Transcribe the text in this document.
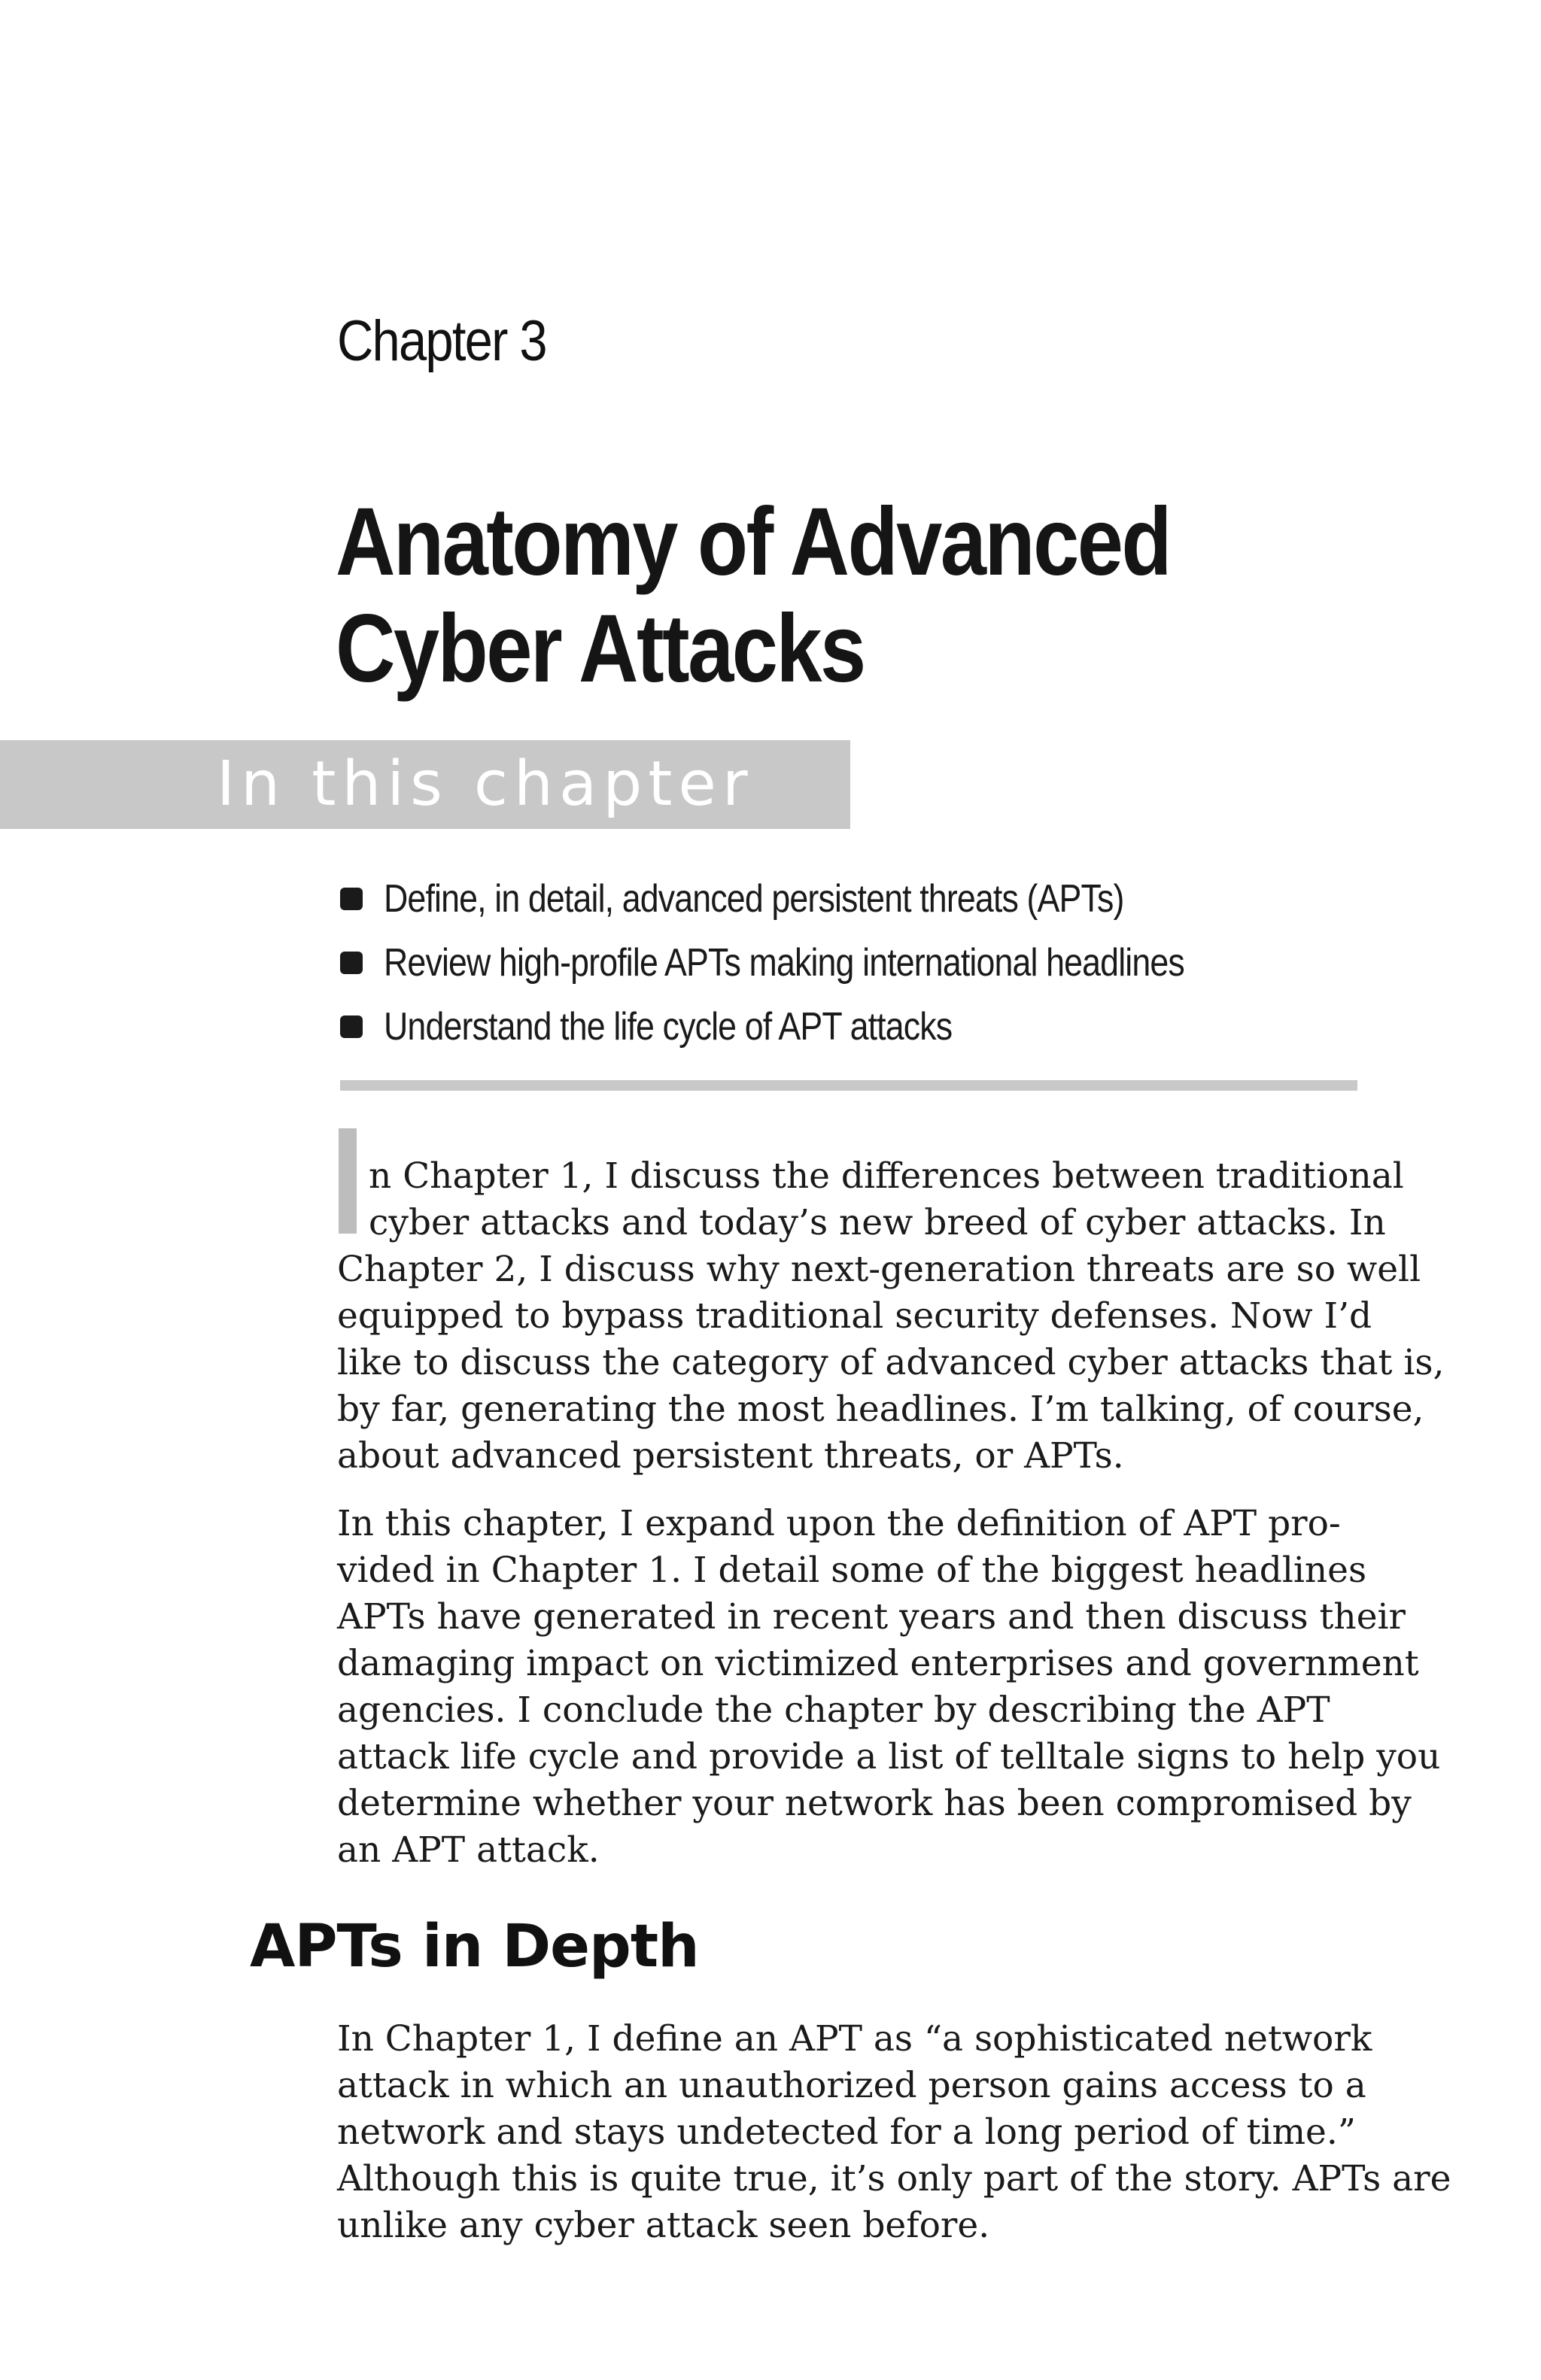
Chapter 3
Anatomy of Advanced
Cyber Attacks
In this chapter
Define, in detail, advanced persistent threats (APTs)
Review high-profile APTs making international headlines
Understand the life cycle of APT attacks

n Chapter 1, I discuss the differences between traditional
cyber attacks and today’s new breed of cyber attacks. In
Chapter 2, I discuss why next-generation threats are so well
equipped to bypass traditional security defenses. Now I’d
like to discuss the category of advanced cyber attacks that is,
by far, generating the most headlines. I’m talking, of course,
about advanced persistent threats, or APTs.

In this chapter, I expand upon the definition of APT pro-
vided in Chapter 1. I detail some of the biggest headlines
APTs have generated in recent years and then discuss their
damaging impact on victimized enterprises and government
agencies. I conclude the chapter by describing the APT
attack life cycle and provide a list of telltale signs to help you
determine whether your network has been compromised by
an APT attack.

APTs in Depth

In Chapter 1, I define an APT as “a sophisticated network
attack in which an unauthorized person gains access to a
network and stays undetected for a long period of time.”
Although this is quite true, it’s only part of the story. APTs are
unlike any cyber attack seen before.
